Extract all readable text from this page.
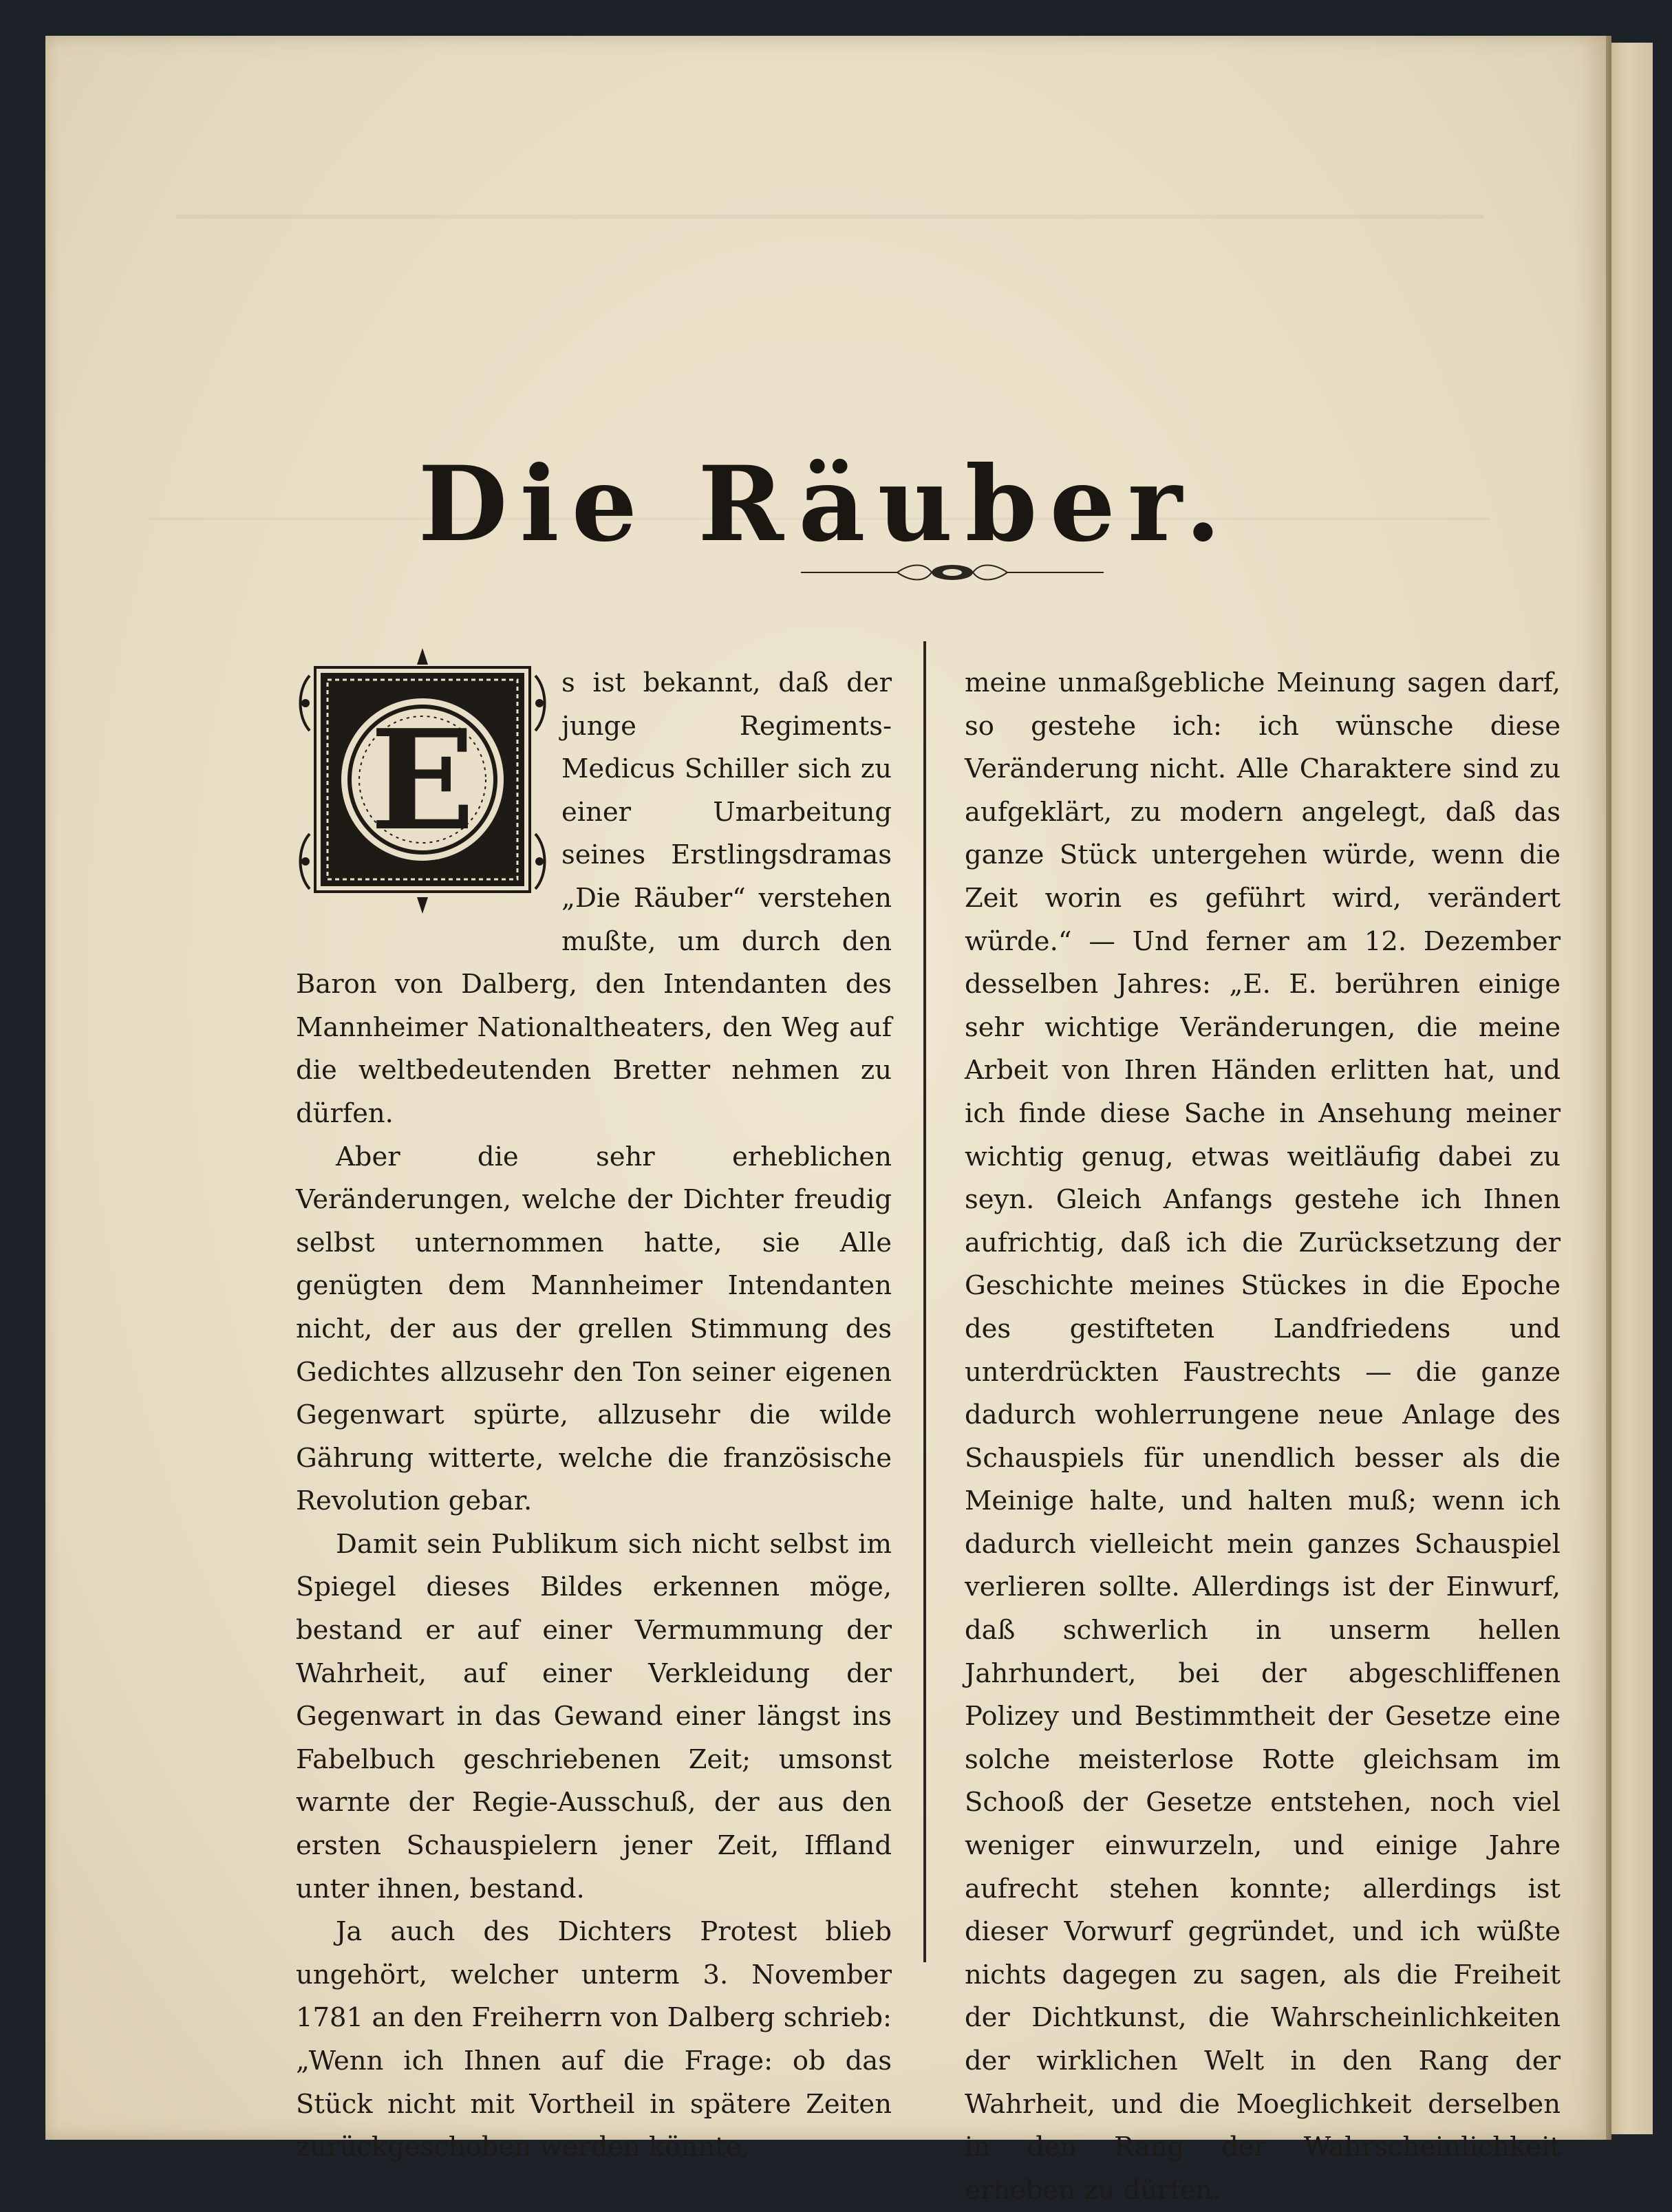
Die Räuber.

E
s ist bekannt, daß der junge Regiments-Medicus Schiller sich zu einer Umarbeitung seines Erstlingsdramas „Die Räuber“ verstehen mußte, um durch den Baron von Dalberg, den Intendanten des Mannheimer Nationaltheaters, den Weg auf die weltbedeutenden Bretter nehmen zu dürfen.

Aber die sehr erheblichen Veränderungen, welche der Dichter freudig selbst unternommen hatte, sie Alle genügten dem Mannheimer Intendanten nicht, der aus der grellen Stimmung des Gedichtes allzusehr den Ton seiner eigenen Gegenwart spürte, allzusehr die wilde Gährung witterte, welche die französische Revolution gebar.

Damit sein Publikum sich nicht selbst im Spiegel dieses Bildes erkennen möge, bestand er auf einer Vermummung der Wahrheit, auf einer Verkleidung der Gegenwart in das Gewand einer längst ins Fabelbuch geschriebenen Zeit; umsonst warnte der Regie-Ausschuß, der aus den ersten Schauspielern jener Zeit, Iffland unter ihnen, bestand.

Ja auch des Dichters Protest blieb ungehört, welcher unterm 3. November 1781 an den Freiherrn von Dalberg schrieb: „Wenn ich Ihnen auf die Frage: ob das Stück nicht mit Vortheil in spätere Zeiten zurückgeschoben werden könnte,

meine unmaßgebliche Meinung sagen darf, so gestehe ich: ich wünsche diese Veränderung nicht. Alle Charaktere sind zu aufgeklärt, zu modern angelegt, daß das ganze Stück untergehen würde, wenn die Zeit worin es geführt wird, verändert würde.“ — Und ferner am 12. Dezember desselben Jahres: „E. E. berühren einige sehr wichtige Veränderungen, die meine Arbeit von Ihren Händen erlitten hat, und ich finde diese Sache in Ansehung meiner wichtig genug, etwas weitläufig dabei zu seyn. Gleich Anfangs gestehe ich Ihnen aufrichtig, daß ich die Zurücksetzung der Geschichte meines Stückes in die Epoche des gestifteten Landfriedens und unterdrückten Faustrechts — die ganze dadurch wohlerrungene neue Anlage des Schauspiels für unendlich besser als die Meinige halte, und halten muß; wenn ich dadurch vielleicht mein ganzes Schauspiel verlieren sollte. Allerdings ist der Einwurf, daß schwerlich in unserm hellen Jahrhundert, bei der abgeschliffenen Polizey und Bestimmtheit der Gesetze eine solche meisterlose Rotte gleichsam im Schooß der Gesetze entstehen, noch viel weniger einwurzeln, und einige Jahre aufrecht stehen konnte; allerdings ist dieser Vorwurf gegründet, und ich wüßte nichts dagegen zu sagen, als die Freiheit der Dichtkunst, die Wahrscheinlichkeiten der wirklichen Welt in den Rang der Wahrheit, und die Moeglichkeit derselben in den Rang der Wahrscheinlichkeit erheben zu dürfen.
